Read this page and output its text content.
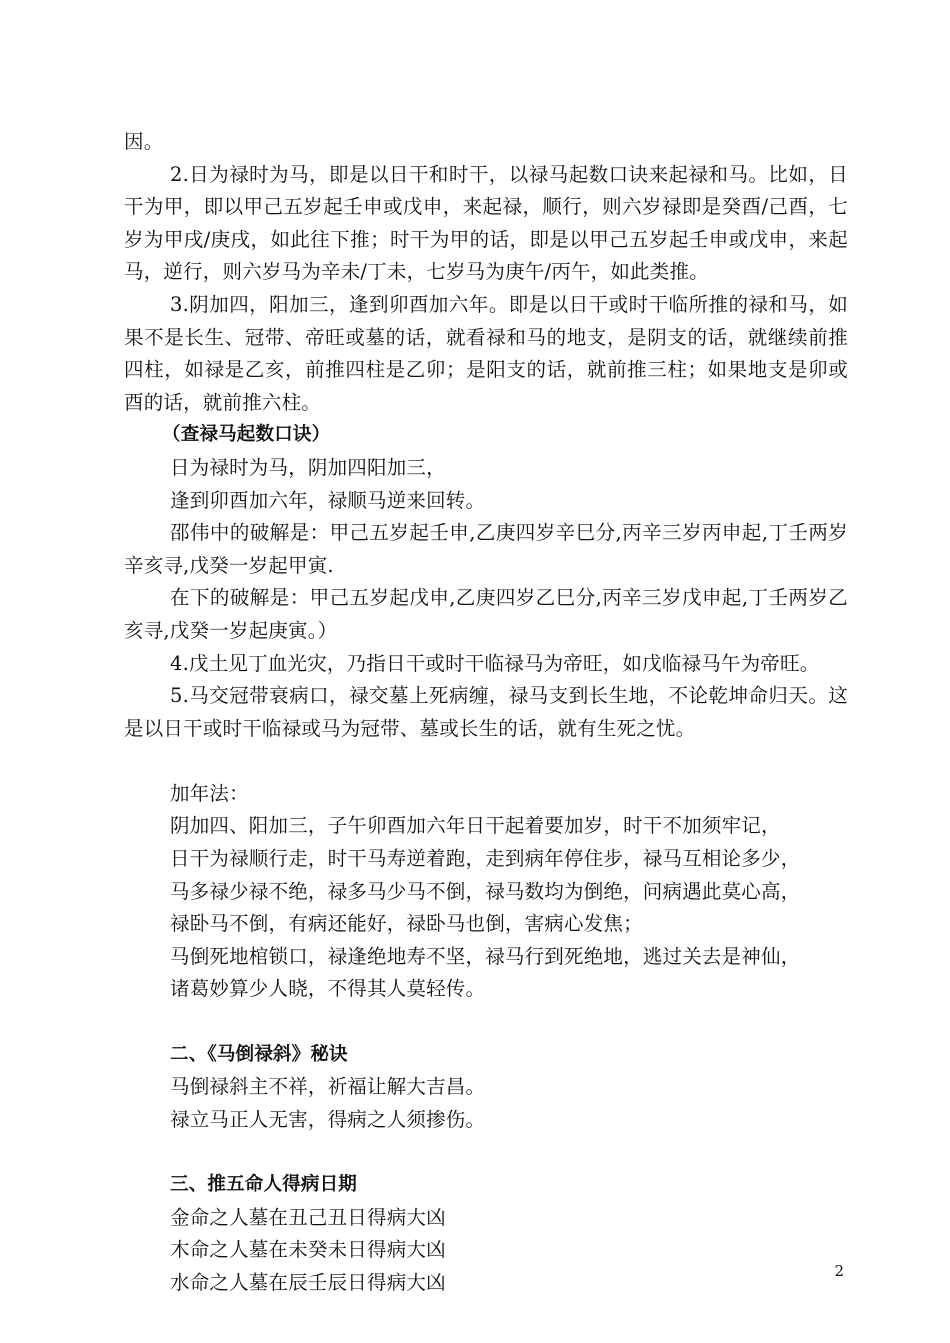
因。

2.日为禄时为马，即是以日干和时干，以禄马起数口诀来起禄和马。比如，日干为甲，即以甲己五岁起壬申或戊申，来起禄，顺行，则六岁禄即是癸酉/己酉，七岁为甲戌/庚戌，如此往下推；时干为甲的话，即是以甲己五岁起壬申或戊申，来起马，逆行，则六岁马为辛未/丁未，七岁马为庚午/丙午，如此类推。

3.阴加四，阳加三，逢到卯酉加六年。即是以日干或时干临所推的禄和马，如果不是长生、冠带、帝旺或墓的话，就看禄和马的地支，是阴支的话，就继续前推四柱，如禄是乙亥，前推四柱是乙卯；是阳支的话，就前推三柱；如果地支是卯或酉的话，就前推六柱。

（查禄马起数口诀）

日为禄时为马，阴加四阳加三，

逢到卯酉加六年，禄顺马逆来回转。

邵伟中的破解是：甲己五岁起壬申,乙庚四岁辛巳分,丙辛三岁丙申起,丁壬两岁辛亥寻,戊癸一岁起甲寅.

在下的破解是：甲己五岁起戊申,乙庚四岁乙巳分,丙辛三岁戊申起,丁壬两岁乙亥寻,戊癸一岁起庚寅。）

4.戊土见丁血光灾，乃指日干或时干临禄马为帝旺，如戊临禄马午为帝旺。

5.马交冠带衰病口，禄交墓上死病缠，禄马支到长生地，不论乾坤命归天。这是以日干或时干临禄或马为冠带、墓或长生的话，就有生死之忧。

加年法：

阴加四、阳加三，子午卯酉加六年日干起着要加岁，时干不加须牢记，
日干为禄顺行走，时干马寿逆着跑，走到病年停住步，禄马互相论多少，
马多禄少禄不绝，禄多马少马不倒，禄马数均为倒绝，问病遇此莫心高，
禄卧马不倒，有病还能好，禄卧马也倒，害病心发焦；
马倒死地棺锁口，禄逢绝地寿不坚，禄马行到死绝地，逃过关去是神仙，
诸葛妙算少人晓，不得其人莫轻传。

二、《马倒禄斜》秘诀

马倒禄斜主不祥，祈福让解大吉昌。
禄立马正人无害，得病之人须掺伤。

三、推五命人得病日期

金命之人墓在丑己丑日得病大凶
木命之人墓在未癸未日得病大凶
水命之人墓在辰壬辰日得病大凶	2
